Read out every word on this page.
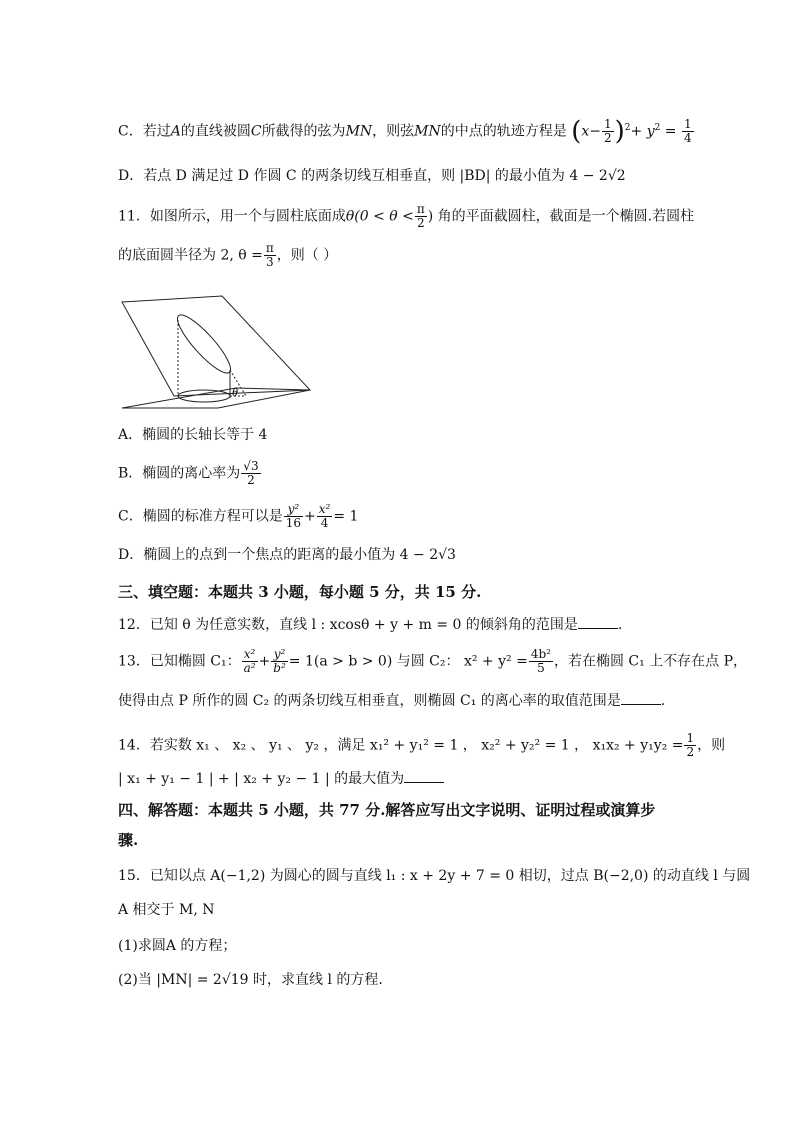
C．若过A的直线被圆C所截得的弦为MN，则弦MN的中点的轨迹方程是 $(x- \frac{1}{2} )^2+ y^2 = \frac{1}{4}$
D．若点 D 满足过 D 作圆 C 的两条切线互相垂直，则 |BD| 的最小值为 4 − 2√2
11．如图所示，用一个与圆柱底面成$\theta(0 < \theta < \frac{\pi}{2}$ ) 角的平面截圆柱，截面是一个椭圆.若圆柱
的底面圆半径为 2, $\theta = \frac{\pi}{3}$ ，则（ ）
θ
A．椭圆的长轴长等于 4
B．椭圆的离心率为 $\frac{√3}{2}$
C．椭圆的标准方程可以是 $\frac{\text{y²}}{16} + \frac{\text{x²}}{4} = 1$
D．椭圆上的点到一个焦点的距离的最小值为 4 − 2√3
三、填空题：本题共 3 小题，每小题 5 分，共 15 分.
12．已知 θ 为任意实数，直线 l : xcosθ + y + m = 0 的倾斜角的范围是	.
13．已知椭圆 C₁： $\frac{\text{x²}}{\text{a²}} + \frac{\text{y²}}{\text{b²}} = 1(a > b > 0)$ 与圆 C₂： $x^2 + y^2 = \frac{\text{4b²}}{5}$ ，若在椭圆 C₁ 上不存在点 P，
使得由点 P 所作的圆 C₂ 的两条切线互相垂直，则椭圆 C₁ 的离心率的取值范围是	.
14．若实数 x₁ 、 x₂ 、 y₁ 、 y₂ ，满足 x₁² + y₁² = 1 ， x₂² + y₂² = 1 ， $x_1x_2 + y_1y_2 = \frac{1}{2}$ ，则
| x₁ + y₁ − 1 | + | x₂ + y₂ − 1 | 的最大值为
四、解答题：本题共 5 小题，共 77 分.解答应写出文字说明、证明过程或演算步
骤.
15．已知以点 A(−1,2) 为圆心的圆与直线 l₁ : x + 2y + 7 = 0 相切，过点 B(−2,0) 的动直线 l 与圆
A 相交于 M, N
(1)求圆A 的方程；
(2)当 |MN| = 2√19 时，求直线 l 的方程.
